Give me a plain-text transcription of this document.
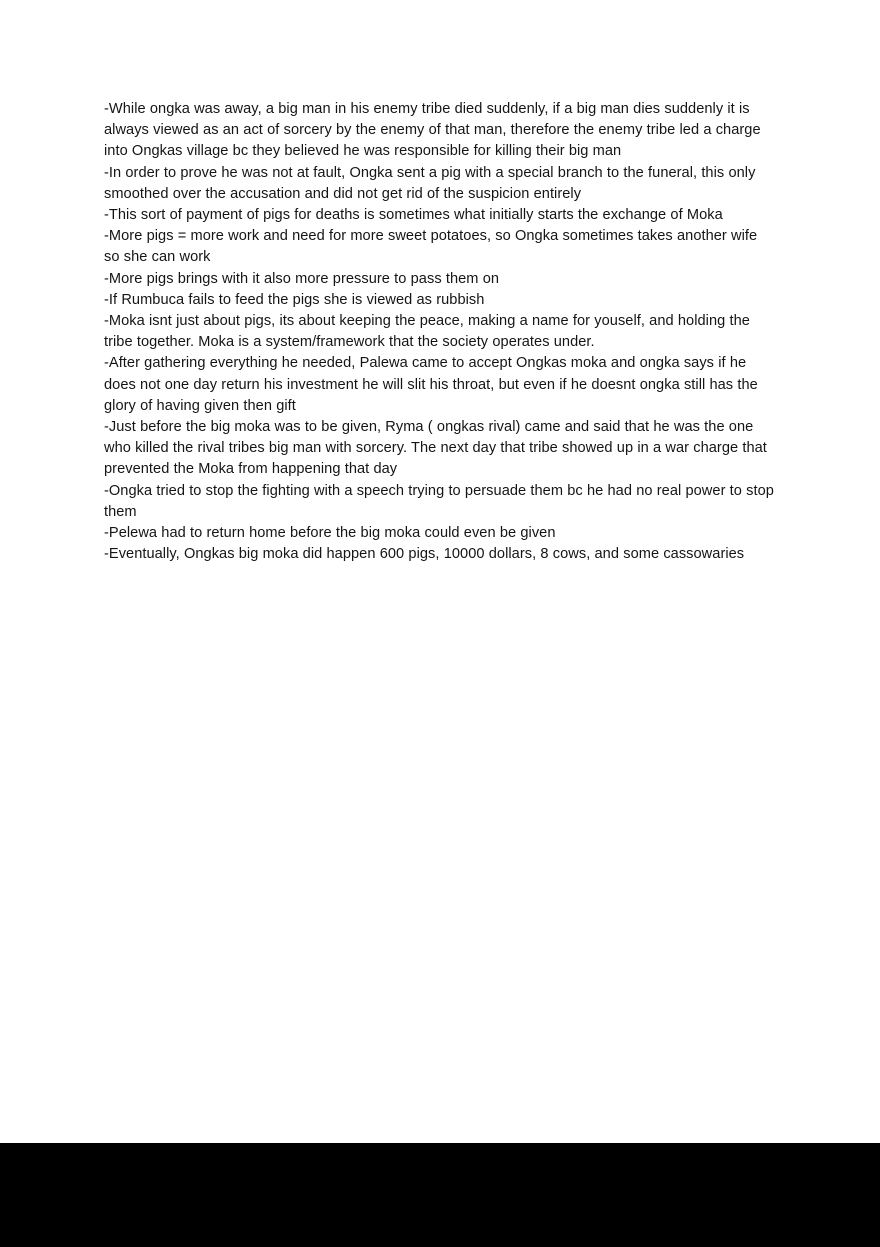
-While ongka was away, a big man in his enemy tribe died suddenly, if a big man dies suddenly it is always viewed as an act of sorcery by the enemy of that man, therefore the enemy tribe led a charge into Ongkas village bc they believed he was responsible for killing their big man

-In order to prove he was not at fault, Ongka sent a pig with a special branch to the funeral, this only smoothed over the accusation and did not get rid of the suspicion entirely

-This sort of payment of pigs for deaths is sometimes what initially starts the exchange of Moka

-More pigs = more work and need for more sweet potatoes, so Ongka sometimes takes another wife so she can work

-More pigs brings with it also more pressure to pass them on

-If Rumbuca fails to feed the pigs she is viewed as rubbish

-Moka isnt just about pigs, its about keeping the peace, making a name for youself, and holding the tribe together. Moka is a system/framework that the society operates under.

-After gathering everything he needed, Palewa came to accept Ongkas moka and ongka says if he does not one day return his investment he will slit his throat, but even if he doesnt ongka still has the glory of having given then gift

-Just before the big moka was to be given, Ryma ( ongkas rival) came and said that he was the one who killed the rival tribes big man with sorcery. The next day that tribe showed up in a war charge that prevented the Moka from happening that day

-Ongka tried to stop the fighting with a speech trying to persuade them bc he had no real power to stop them

-Pelewa had to return home before the big moka could even be given

-Eventually, Ongkas big moka did happen 600 pigs, 10000 dollars, 8 cows, and some cassowaries
